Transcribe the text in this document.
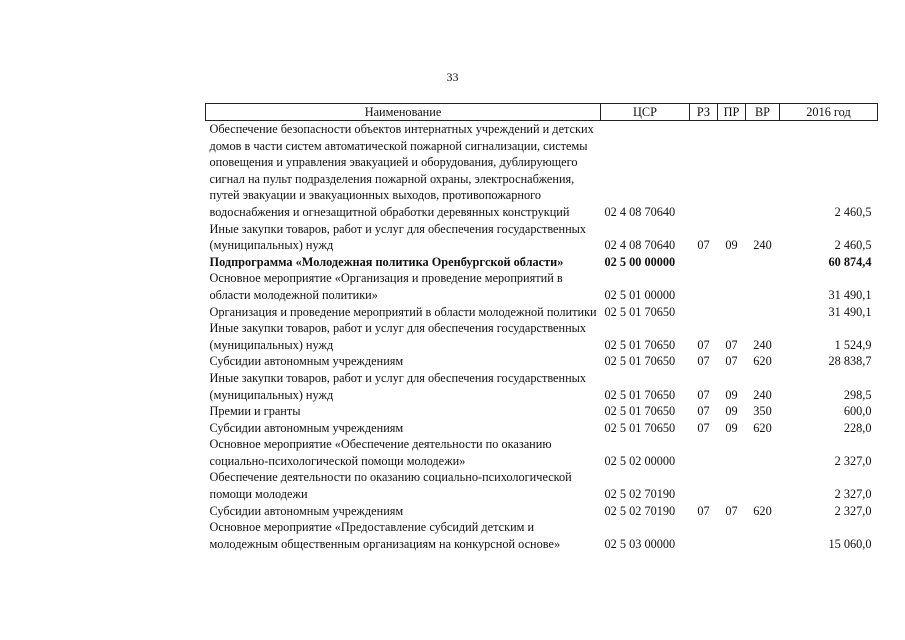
33
Наименование	ЦСР	РЗ	ПР	ВР	2016 год
Обеспечение безопасности объектов интернатных учреждений и детских домов в части систем автоматической пожарной сигнализации, системы оповещения и управления эвакуацией и оборудования, дублирующего сигнал на пульт подразделения пожарной охраны, электроснабжения, путей эвакуации и эвакуационных выходов, противопожарного водоснабжения и огнезащитной обработки деревянных конструкций	02 4 08 70640				2 460,5
Иные закупки товаров, работ и услуг для обеспечения государственных (муниципальных) нужд	02 4 08 70640	07	09	240	2 460,5
Подпрограмма «Молодежная политика Оренбургской области»	02 5 00 00000				60 874,4
Основное мероприятие «Организация и проведение мероприятий в области молодежной политики»	02 5 01 00000				31 490,1
Организация и проведение мероприятий в области молодежной политики	02 5 01 70650				31 490,1
Иные закупки товаров, работ и услуг для обеспечения государственных (муниципальных) нужд	02 5 01 70650	07	07	240	1 524,9
Субсидии автономным учреждениям	02 5 01 70650	07	07	620	28 838,7
Иные закупки товаров, работ и услуг для обеспечения государственных (муниципальных) нужд	02 5 01 70650	07	09	240	298,5
Премии и гранты	02 5 01 70650	07	09	350	600,0
Субсидии автономным учреждениям	02 5 01 70650	07	09	620	228,0
Основное мероприятие «Обеспечение деятельности по оказанию социально-психологической помощи молодежи»	02 5 02 00000				2 327,0
Обеспечение деятельности по оказанию социально-психологической помощи молодежи	02 5 02 70190				2 327,0
Субсидии автономным учреждениям	02 5 02 70190	07	07	620	2 327,0
Основное мероприятие «Предоставление субсидий детским и молодежным общественным организациям на конкурсной основе»	02 5 03 00000				15 060,0
